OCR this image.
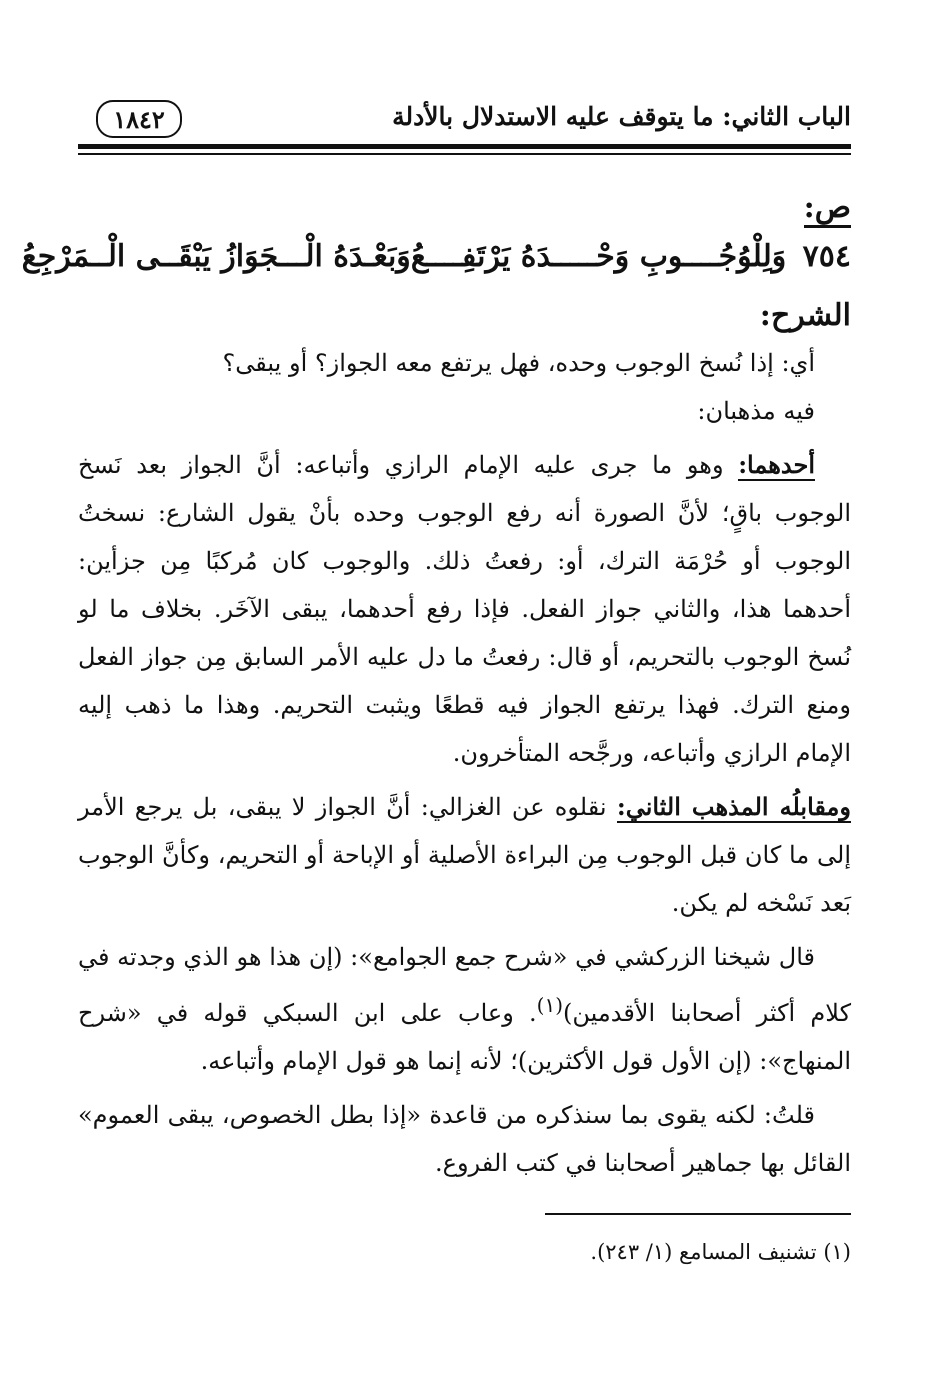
الباب الثاني: ما يتوقف عليه الاستدلال بالأدلة
١٨٤٢
ص:
٧٥٤ وَلِلْوُجُــــوبِ وَحْـــــدَهُ يَرْتَفِــــعُ
وَبَعْـدَهُ الْـــجَوَازُ يَبْقَــى الْــمَرْجِعُ
الشرح:

أي: إذا نُسخ الوجوب وحده، فهل يرتفع معه الجواز؟ أو يبقى؟

فيه مذهبان:

أحدهما: وهو ما جرى عليه الإمام الرازي وأتباعه: أنَّ الجواز بعد نَسخ الوجوب باقٍ؛ لأنَّ الصورة أنه رفع الوجوب وحده بأنْ يقول الشارع: نسختُ الوجوب أو حُرْمَة الترك، أو: رفعتُ ذلك. والوجوب كان مُركبًا مِن جزأين: أحدهما هذا، والثاني جواز الفعل. فإذا رفع أحدهما، يبقى الآخَر. بخلاف ما لو نُسخ الوجوب بالتحريم، أو قال: رفعتُ ما دل عليه الأمر السابق مِن جواز الفعل ومنع الترك. فهذا يرتفع الجواز فيه قطعًا ويثبت التحريم. وهذا ما ذهب إليه الإمام الرازي وأتباعه، ورجَّحه المتأخرون.

ومقابلُه المذهب الثاني: نقلوه عن الغزالي: أنَّ الجواز لا يبقى، بل يرجع الأمر إلى ما كان قبل الوجوب مِن البراءة الأصلية أو الإباحة أو التحريم، وكأنَّ الوجوب بَعد نَسْخه لم يكن.

قال شيخنا الزركشي في «شرح جمع الجوامع»: (إن هذا هو الذي وجدته في كلام أكثر أصحابنا الأقدمين)$^{(١)}$. وعاب على ابن السبكي قوله في «شرح المنهاج»: (إن الأول قول الأكثرين)؛ لأنه إنما هو قول الإمام وأتباعه.

قلتُ: لكنه يقوى بما سنذكره من قاعدة «إذا بطل الخصوص، يبقى العموم» القائل بها جماهير أصحابنا في كتب الفروع.

(١) تشنيف المسامع (١/ ٢٤٣).
